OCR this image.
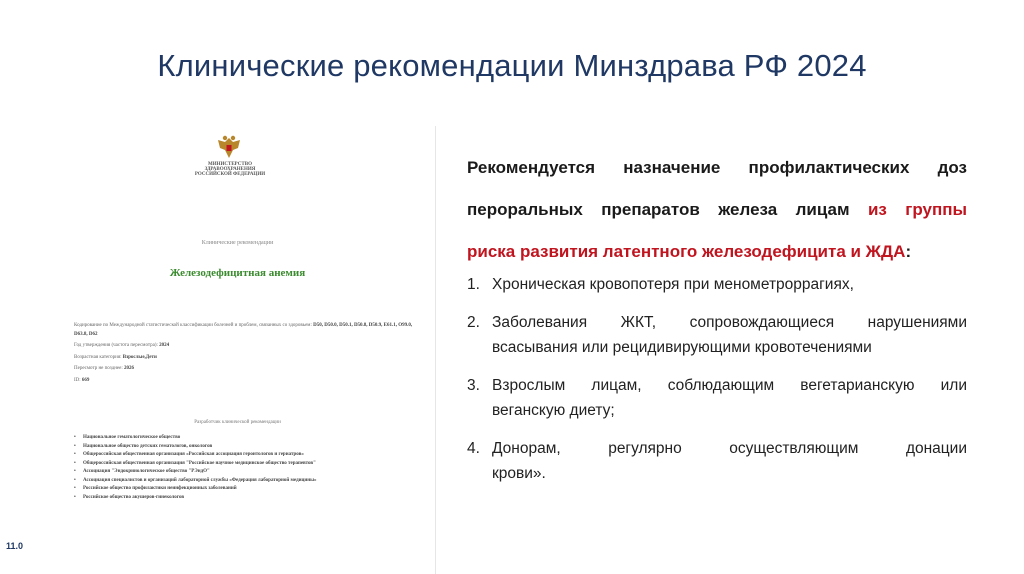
Клинические рекомендации Минздрава РФ 2024
МИНИСТЕРСТВО
ЗДРАВООХРАНЕНИЯ
РОССИЙСКОЙ ФЕДЕРАЦИИ
Клинические рекомендации
Железодефицитная анемия
Кодирование по Международной статистической классификации болезней и проблем, связанных со здоровьем: D50, D50.0, D50.1, D50.8, D50.9, E61.1, O99.0, D63.8, D62
Год утверждения (частота пересмотра): 2024
Возрастная категория: Взрослые,Дети
Пересмотр не позднее: 2026
ID: 669
Разработчик клинической рекомендации
• Национальное гематологическое общество
• Национальное общество детских гематологов, онкологов
• Общероссийская общественная организация «Российская ассоциация геронтологов и гериатров»
• Общероссийская общественная организация "Российское научное медицинское общество терапевтов"
• Ассоциация "Эндокринологическое общество "РЭндО"
• Ассоциация специалистов и организаций лабораторной службы «Федерация лабораторной медицины»
• Российское общество профилактики неинфекционных заболеваний
• Российское общество акушеров-гинекологов
11.0
Рекомендуется назначение профилактических доз
пероральных препаратов железа лицам из группы
риска развития латентного железодефицита и ЖДА:
1. Хроническая кровопотеря при менометроррагиях,
2. Заболевания ЖКТ, сопровождающиеся нарушениями
всасывания или рецидивирующими кровотечениями
3. Взрослым лицам, соблюдающим вегетарианскую или
веганскую диету;
4. Донорам, регулярно осуществляющим донации
крови».
